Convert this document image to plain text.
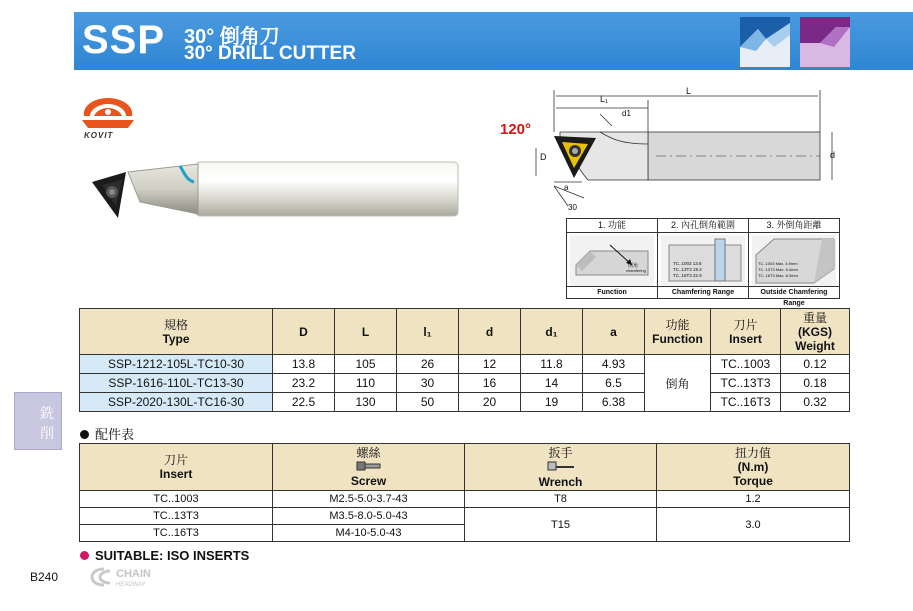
SSP 30° 倒角刀
30° DRILL CUTTER
KOVIT	120°
L₁
L
d1
D	d
a
30
1. 功能
倒角
chamfering
Function
2. 內孔倒角範圍
TC..1003 13.8
TC..13T3 19.2
TC..16T3 22.5
Chamfering Range
3. 外倒角距離
TC..1003 Max. 4.9mm
TC..13T3 Max. 6.4mm
TC..16T3 Max. 8.3mm
Outside Chamfering Range
規格
Type	D	L	l₁	d	d₁	a	功能
Function	刀片
Insert	重量
(KGS)
Weight
SSP-1212-105L-TC10-30	13.8	105	26	12	11.8	4.93	倒角	TC..1003	0.12
SSP-1616-110L-TC13-30	23.2	110	30	16	14	6.5		TC..13T3	0.18
SSP-2020-130L-TC16-30	22.5	130	50	20	19	6.38		TC..16T3	0.32
銑
削	配件表
刀片
Insert	螺絲

Screw	扳手

Wrench	扭力值
(N.m)
Torque
TC..1003	M2.5-5.0-3.7-43	T8	1.2
TC..13T3	M3.5-8.0-5.0-43	T15	3.0
TC..16T3	M4-10-5.0-43		
SUITABLE: ISO INSERTS
B240	CHAIN
HEADWAY
